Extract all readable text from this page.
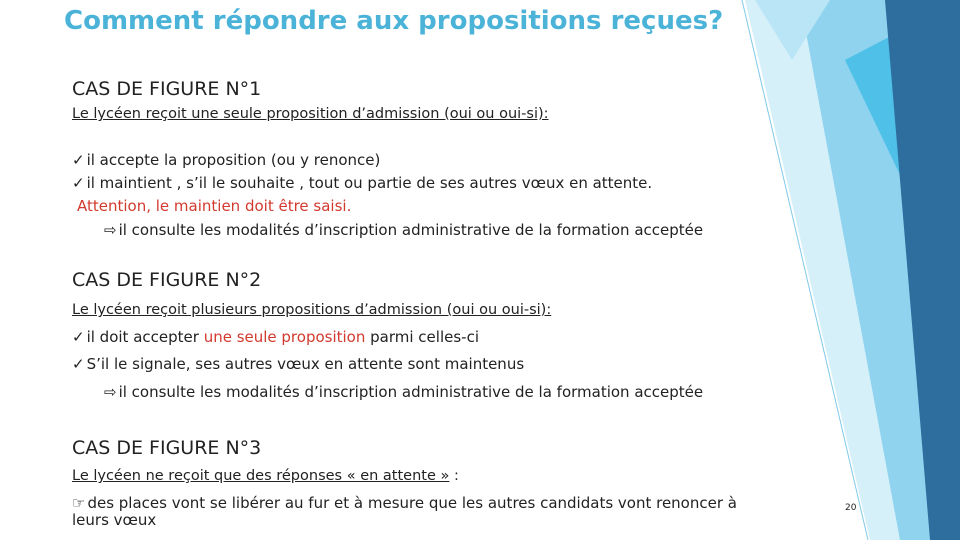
Comment répondre aux propositions reçues?
CAS DE FIGURE N°1
Le lycéen reçoit une seule proposition d’admission (oui ou oui-si):
✓ il accepte la proposition (ou y renonce)
✓ il maintient , s’il le souhaite , tout ou partie de ses autres vœux en attente.
Attention, le maintien doit être saisi.
⇨ il consulte les modalités d’inscription administrative de la formation acceptée
CAS DE FIGURE N°2
Le lycéen reçoit plusieurs propositions d’admission (oui ou oui-si):
✓ il doit accepter une seule proposition parmi celles-ci
✓ S’il le signale, ses autres vœux en attente sont maintenus
⇨ il consulte les modalités d’inscription administrative de la formation acceptée
CAS DE FIGURE N°3
Le lycéen ne reçoit que des réponses « en attente » :
☞ des places vont se libérer au fur et à mesure que les autres candidats vont renoncer à
leurs vœux
20
